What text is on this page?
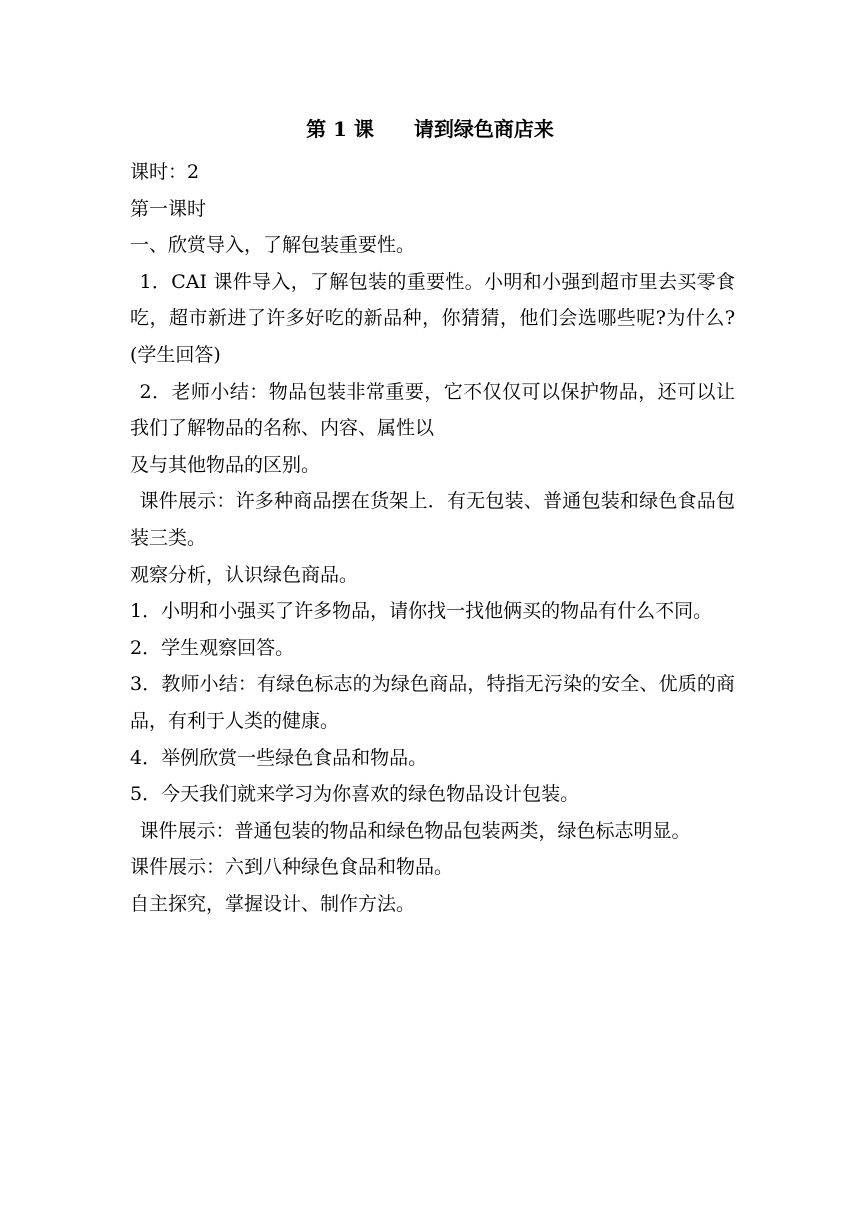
第 1 课　　请到绿色商店来

课时：2

第一课时

一、欣赏导入，了解包装重要性。

1．CAI 课件导入，了解包装的重要性。小明和小强到超市里去买零食吃，超市新进了许多好吃的新品种，你猜猜，他们会选哪些呢?为什么?(学生回答)

2．老师小结：物品包装非常重要，它不仅仅可以保护物品，还可以让我们了解物品的名称、内容、属性以

及与其他物品的区别。

课件展示：许多种商品摆在货架上．有无包装、普通包装和绿色食品包装三类。

观察分析，认识绿色商品。

1．小明和小强买了许多物品，请你找一找他俩买的物品有什么不同。

2．学生观察回答。

3．教师小结：有绿色标志的为绿色商品，特指无污染的安全、优质的商品，有利于人类的健康。

4．举例欣赏一些绿色食品和物品。

5．今天我们就来学习为你喜欢的绿色物品设计包装。

课件展示：普通包装的物品和绿色物品包装两类，绿色标志明显。

课件展示：六到八种绿色食品和物品。

自主探究，掌握设计、制作方法。
